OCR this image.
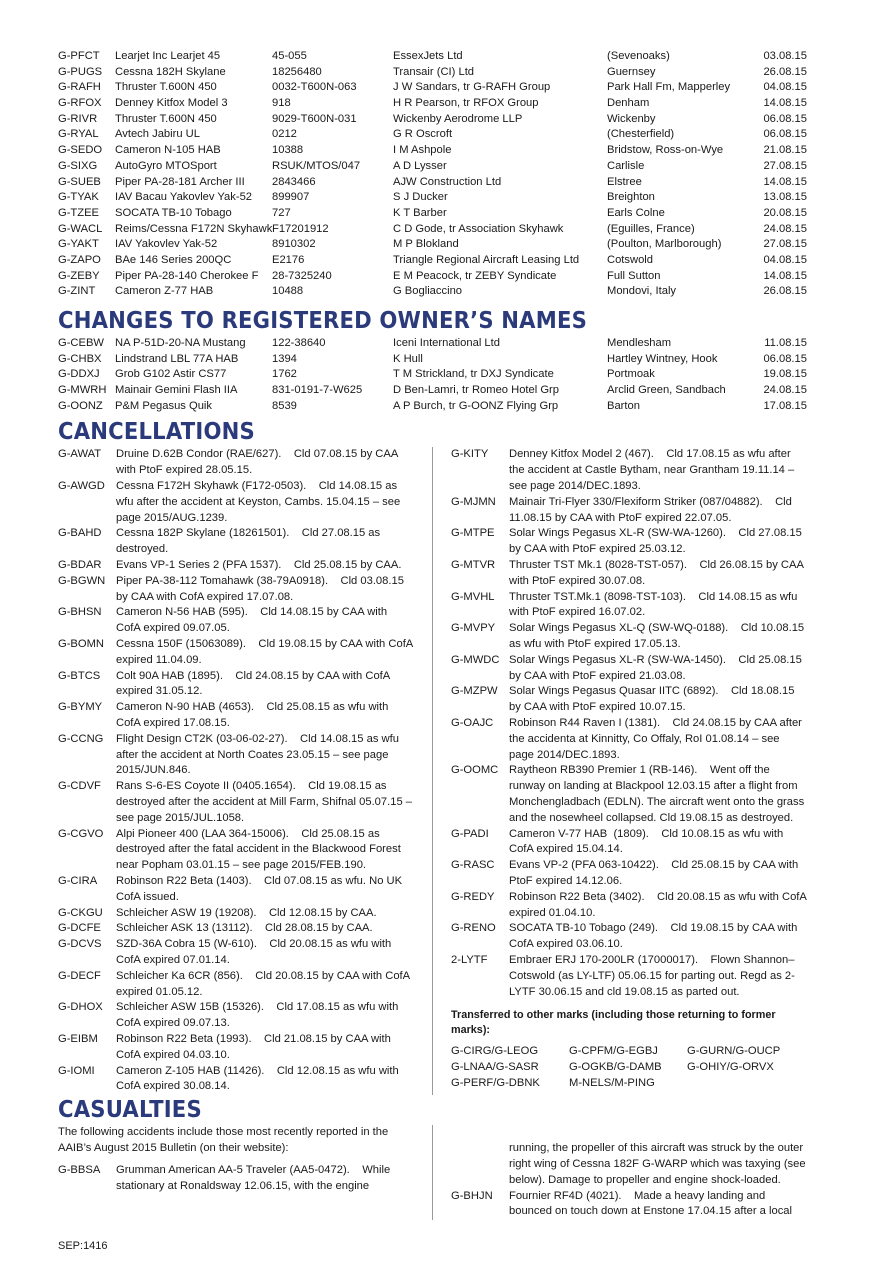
G-PFCT	Learjet Inc Learjet 45	45-055	EssexJets Ltd	(Sevenoaks)	03.08.15
G-PUGS	Cessna 182H Skylane	18256480	Transair (CI) Ltd	Guernsey	26.08.15
G-RAFH	Thruster T.600N 450	0032-T600N-063	J W Sandars, tr G-RAFH Group	Park Hall Fm, Mapperley	04.08.15
G-RFOX	Denney Kitfox Model 3	918	H R Pearson, tr RFOX Group	Denham	14.08.15
G-RIVR	Thruster T.600N 450	9029-T600N-031	Wickenby Aerodrome LLP	Wickenby	06.08.15
G-RYAL	Avtech Jabiru UL	0212	G R Oscroft	(Chesterfield)	06.08.15
G-SEDO	Cameron N-105 HAB	10388	I M Ashpole	Bridstow, Ross-on-Wye	21.08.15
G-SIXG	AutoGyro MTOSport	RSUK/MTOS/047	A D Lysser	Carlisle	27.08.15
G-SUEB	Piper PA-28-181 Archer III	2843466	AJW Construction Ltd	Elstree	14.08.15
G-TYAK	IAV Bacau Yakovlev Yak-52	899907	S J Ducker	Breighton	13.08.15
G-TZEE	SOCATA TB-10 Tobago	727	K T Barber	Earls Colne	20.08.15
G-WACL	Reims/Cessna F172N Skyhawk F17201912	C D Gode, tr Association Skyhawk	(Eguilles, France)	24.08.15
G-YAKT	IAV Yakovlev Yak-52	8910302	M P Blokland	(Poulton, Marlborough)	27.08.15
G-ZAPO	BAe 146 Series 200QC	E2176	Triangle Regional Aircraft Leasing Ltd	Cotswold	04.08.15
G-ZEBY	Piper PA-28-140 Cherokee F	28-7325240	E M Peacock, tr ZEBY Syndicate	Full Sutton	14.08.15
G-ZINT	Cameron Z-77 HAB	10488	G Bogliaccino	Mondovi, Italy	26.08.15
CHANGES TO REGISTERED OWNER’S NAMES
G-CEBW NA P-51D-20-NA Mustang	122-38640	Iceni International Ltd	Mendlesham	11.08.15
G-CHBX	Lindstrand LBL 77A HAB	1394	K Hull	Hartley Wintney, Hook	06.08.15
G-DDXJ	Grob G102 Astir CS77	1762	T M Strickland, tr DXJ Syndicate	Portmoak	19.08.15
G-MWRH Mainair Gemini Flash IIA	831-0191-7-W625	D Ben-Lamri, tr Romeo Hotel Grp	Arclid Green, Sandbach	24.08.15
G-OONZ	P&M Pegasus Quik	8539	A P Burch, tr G-OONZ Flying Grp	Barton	17.08.15
CANCELLATIONS
G-AWAT	Druine D.62B Condor (RAE/627).    Cld 07.08.15 by CAA with PtoF expired 28.05.15.
G-AWGD Cessna F172H Skyhawk (F172-0503).    Cld 14.08.15 as wfu after the accident at Keyston, Cambs. 15.04.15 – see page 2015/AUG.1239.
G-BAHD	Cessna 182P Skylane (18261501).    Cld 27.08.15 as destroyed.
G-BDAR	Evans VP-1 Series 2 (PFA 1537).    Cld 25.08.15 by CAA.
G-BGWN Piper PA-38-112 Tomahawk (38-79A0918).    Cld 03.08.15 by CAA with CofA expired 17.07.08.
G-BHSN	Cameron N-56 HAB (595).    Cld 14.08.15 by CAA with CofA expired 09.07.05.
G-BOMN	Cessna 150F (15063089).    Cld 19.08.15 by CAA with CofA expired 11.04.09.
G-BTCS	Colt 90A HAB (1895).    Cld 24.08.15 by CAA with CofA expired 31.05.12.
G-BYMY	Cameron N-90 HAB (4653).    Cld 25.08.15 as wfu with CofA expired 17.08.15.
G-CCNG	Flight Design CT2K (03-06-02-27).    Cld 14.08.15 as wfu after the accident at North Coates 23.05.15 – see page 2015/JUN.846.
G-CDVF	Rans S-6-ES Coyote II (0405.1654).    Cld 19.08.15 as destroyed after the accident at Mill Farm, Shifnal 05.07.15 – see page 2015/JUL.1058.
G-CGVO	Alpi Pioneer 400 (LAA 364-15006).    Cld 25.08.15 as destroyed after the fatal accident in the Blackwood Forest near Popham 03.01.15 – see page 2015/FEB.190.
G-CIRA	Robinson R22 Beta (1403).    Cld 07.08.15 as wfu. No UK CofA issued.
G-CKGU	Schleicher ASW 19 (19208).    Cld 12.08.15 by CAA.
G-DCFE	Schleicher ASK 13 (13112).    Cld 28.08.15 by CAA.
G-DCVS	SZD-36A Cobra 15 (W-610).    Cld 20.08.15 as wfu with CofA expired 07.01.14.
G-DECF	Schleicher Ka 6CR (856).    Cld 20.08.15 by CAA with CofA expired 01.05.12.
G-DHOX	Schleicher ASW 15B (15326).    Cld 17.08.15 as wfu with CofA expired 09.07.13.
G-EIBM	Robinson R22 Beta (1993).    Cld 21.08.15 by CAA with CofA expired 04.03.10.
G-IOMI	Cameron Z-105 HAB (11426).    Cld 12.08.15 as wfu with CofA expired 30.08.14.
G-KITY	Denney Kitfox Model 2 (467).    Cld 17.08.15 as wfu after the accident at Castle Bytham, near Grantham 19.11.14 – see page 2014/DEC.1893.
G-MJMN	Mainair Tri-Flyer 330/Flexiform Striker (087/04882).    Cld 11.08.15 by CAA with PtoF expired 22.07.05.
G-MTPE	Solar Wings Pegasus XL-R (SW-WA-1260).    Cld 27.08.15 by CAA with PtoF expired 25.03.12.
G-MTVR	Thruster TST Mk.1 (8028-TST-057).    Cld 26.08.15 by CAA with PtoF expired 30.07.08.
G-MVHL	Thruster TST.Mk.1 (8098-TST-103).    Cld 14.08.15 as wfu with PtoF expired 16.07.02.
G-MVPY	Solar Wings Pegasus XL-Q (SW-WQ-0188).    Cld 10.08.15 as wfu with PtoF expired 17.05.13.
G-MWDC Solar Wings Pegasus XL-R (SW-WA-1450).    Cld 25.08.15 by CAA with PtoF expired 21.03.08.
G-MZPW	Solar Wings Pegasus Quasar IITC (6892).    Cld 18.08.15 by CAA with PtoF expired 10.07.15.
G-OAJC	Robinson R44 Raven I (1381).    Cld 24.08.15 by CAA after the accidenta at Kinnitty, Co Offaly, RoI 01.08.14 – see page 2014/DEC.1893.
G-OOMC Raytheon RB390 Premier 1 (RB-146).    Went off the runway on landing at Blackpool 12.03.15 after a flight from Monchengladbach (EDLN). The aircraft went onto the grass and the nosewheel collapsed. Cld 19.08.15 as destroyed.
G-PADI	Cameron V-77 HAB  (1809).    Cld 10.08.15 as wfu with CofA expired 15.04.14.
G-RASC	Evans VP-2 (PFA 063-10422).    Cld 25.08.15 by CAA with PtoF expired 14.12.06.
G-REDY	Robinson R22 Beta (3402).    Cld 20.08.15 as wfu with CofA expired 01.04.10.
G-RENO	SOCATA TB-10 Tobago (249).    Cld 19.08.15 by CAA with CofA expired 03.06.10.
2-LYTF	Embraer ERJ 170-200LR (17000017).    Flown Shannon–Cotswold (as LY-LTF) 05.06.15 for parting out. Regd as 2-LYTF 30.06.15 and cld 19.08.15 as parted out.
Transferred to other marks (including those returning to former marks):
G-CIRG/G-LEOG	G-CPFM/G-EGBJ	G-GURN/G-OUCP
G-LNAA/G-SASR	G-OGKB/G-DAMB	G-OHIY/G-ORVX
G-PERF/G-DBNK	M-NELS/M-PING
CASUALTIES
The following accidents include those most recently reported in the AAIB’s August 2015 Bulletin (on their website):
G-BBSA	Grumman American AA-5 Traveler (AA5-0472).    While stationary at Ronaldsway 12.06.15, with the engine
running, the propeller of this aircraft was struck by the outer right wing of Cessna 182F G-WARP which was taxying (see below). Damage to propeller and engine shock-loaded.
G-BHJN	Fournier RF4D (4021).    Made a heavy landing and bounced on touch down at Enstone 17.04.15 after a local
SEP:1416
